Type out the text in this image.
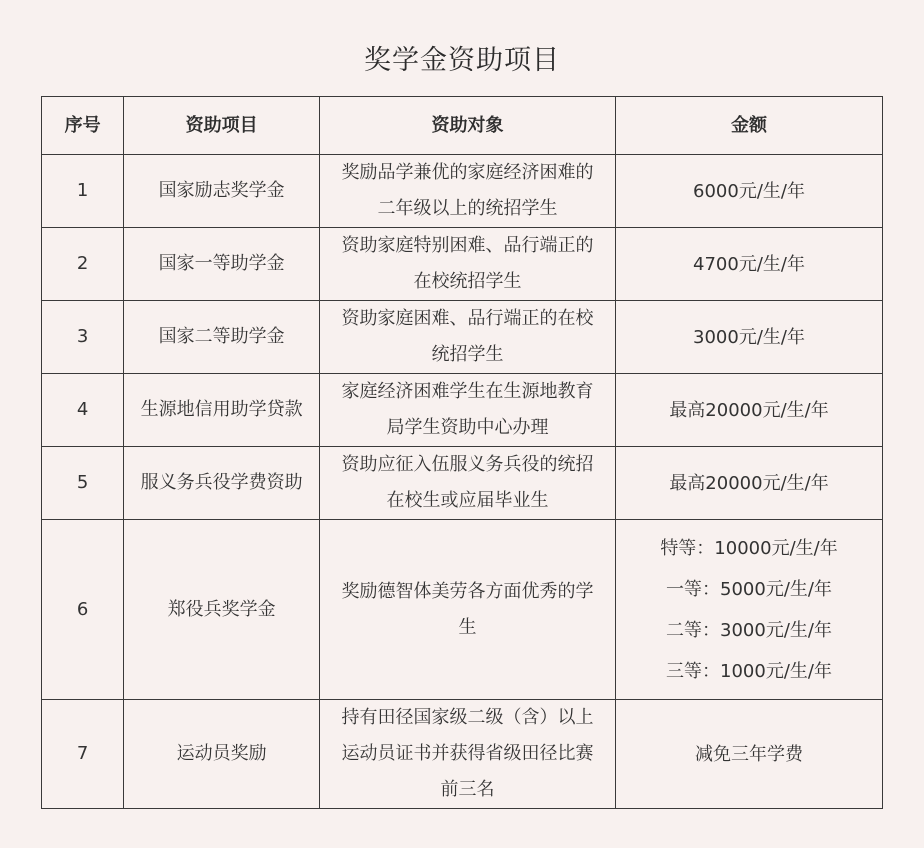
奖学金资助项目
序号	资助项目	资助对象	金额
1	国家励志奖学金	奖励品学兼优的家庭经济困难的二年级以上的统招学生	6000元/生/年

2	国家一等助学金	资助家庭特别困难、品行端正的在校统招学生	4700元/生/年

3	国家二等助学金	资助家庭困难、品行端正的在校统招学生	3000元/生/年

4	生源地信用助学贷款	家庭经济困难学生在生源地教育局学生资助中心办理	最高20000元/生/年

5	服义务兵役学费资助	资助应征入伍服义务兵役的统招在校生或应届毕业生	最高20000元/生/年

6	郑役兵奖学金	奖励德智体美劳各方面优秀的学生	特等：10000元/生/年
一等：5000元/生/年
二等：3000元/生/年
三等：1000元/生/年

7	运动员奖励	持有田径国家级二级（含）以上运动员证书并获得省级田径比赛前三名	减免三年学费
